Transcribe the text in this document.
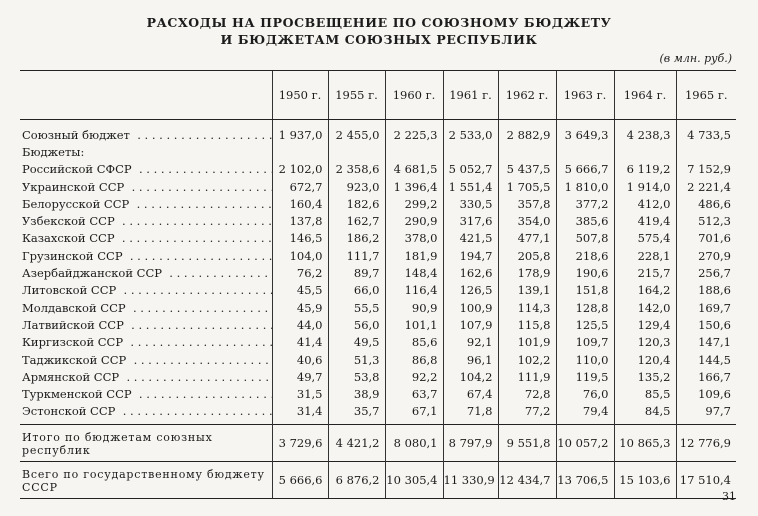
РАСХОДЫ НА ПРОСВЕЩЕНИЕ ПО СОЮЗНОМУ БЮДЖЕТУ
И БЮДЖЕТАМ СОЮЗНЫХ РЕСПУБЛИК
(в млн. руб.)
	1950 г.	1955 г.	1960 г.	1961 г.	1962 г.	1963 г.	1964 г.	1965 г.

Союзный бюджет   . . .	1 937,0	2 455,0	2 225,3	2 533,0	2 882,9	3 649,3	4 238,3	4 733,5
Бюджеты:								
Российской СФСР   . . .	2 102,0	2 358,6	4 681,5	5 052,7	5 437,5	5 666,7	6 119,2	7 152,9
Украинской ССР   . . .	672,7	923,0	1 396,4	1 551,4	1 705,5	1 810,0	1 914,0	2 221,4
Белорусской ССР   . . .	160,4	182,6	299,2	330,5	357,8	377,2	412,0	486,6
Узбекской ССР   . . .	137,8	162,7	290,9	317,6	354,0	385,6	419,4	512,3
Казахской ССР   . . .	146,5	186,2	378,0	421,5	477,1	507,8	575,4	701,6
Грузинской ССР   . . .	104,0	111,7	181,9	194,7	205,8	218,6	228,1	270,9
Азербайджанской ССР   . . .	76,2	89,7	148,4	162,6	178,9	190,6	215,7	256,7
Литовской ССР   . . .	45,5	66,0	116,4	126,5	139,1	151,8	164,2	188,6
Молдавской ССР   . . .	45,9	55,5	90,9	100,9	114,3	128,8	142,0	169,7
Латвийской ССР   . . .	44,0	56,0	101,1	107,9	115,8	125,5	129,4	150,6
Киргизской ССР   . . .	41,4	49,5	85,6	92,1	101,9	109,7	120,3	147,1
Таджикской ССР   . . .	40,6	51,3	86,8	96,1	102,2	110,0	120,4	144,5
Армянской ССР   . . .	49,7	53,8	92,2	104,2	111,9	119,5	135,2	166,7
Туркменской ССР   . . .	31,5	38,9	63,7	67,4	72,8	76,0	85,5	109,6
Эстонской ССР   . . .	31,4	35,7	67,1	71,8	77,2	79,4	84,5	97,7

Итого по бюджетам союзных республик	3 729,6	4 421,2	8 080,1	8 797,9	9 551,8	10 057,2	10 865,3	12 776,9
Всего по государственному бюджету СССР	5 666,6	6 876,2	10 305,4	11 330,9	12 434,7	13 706,5	15 103,6	17 510,4
31
